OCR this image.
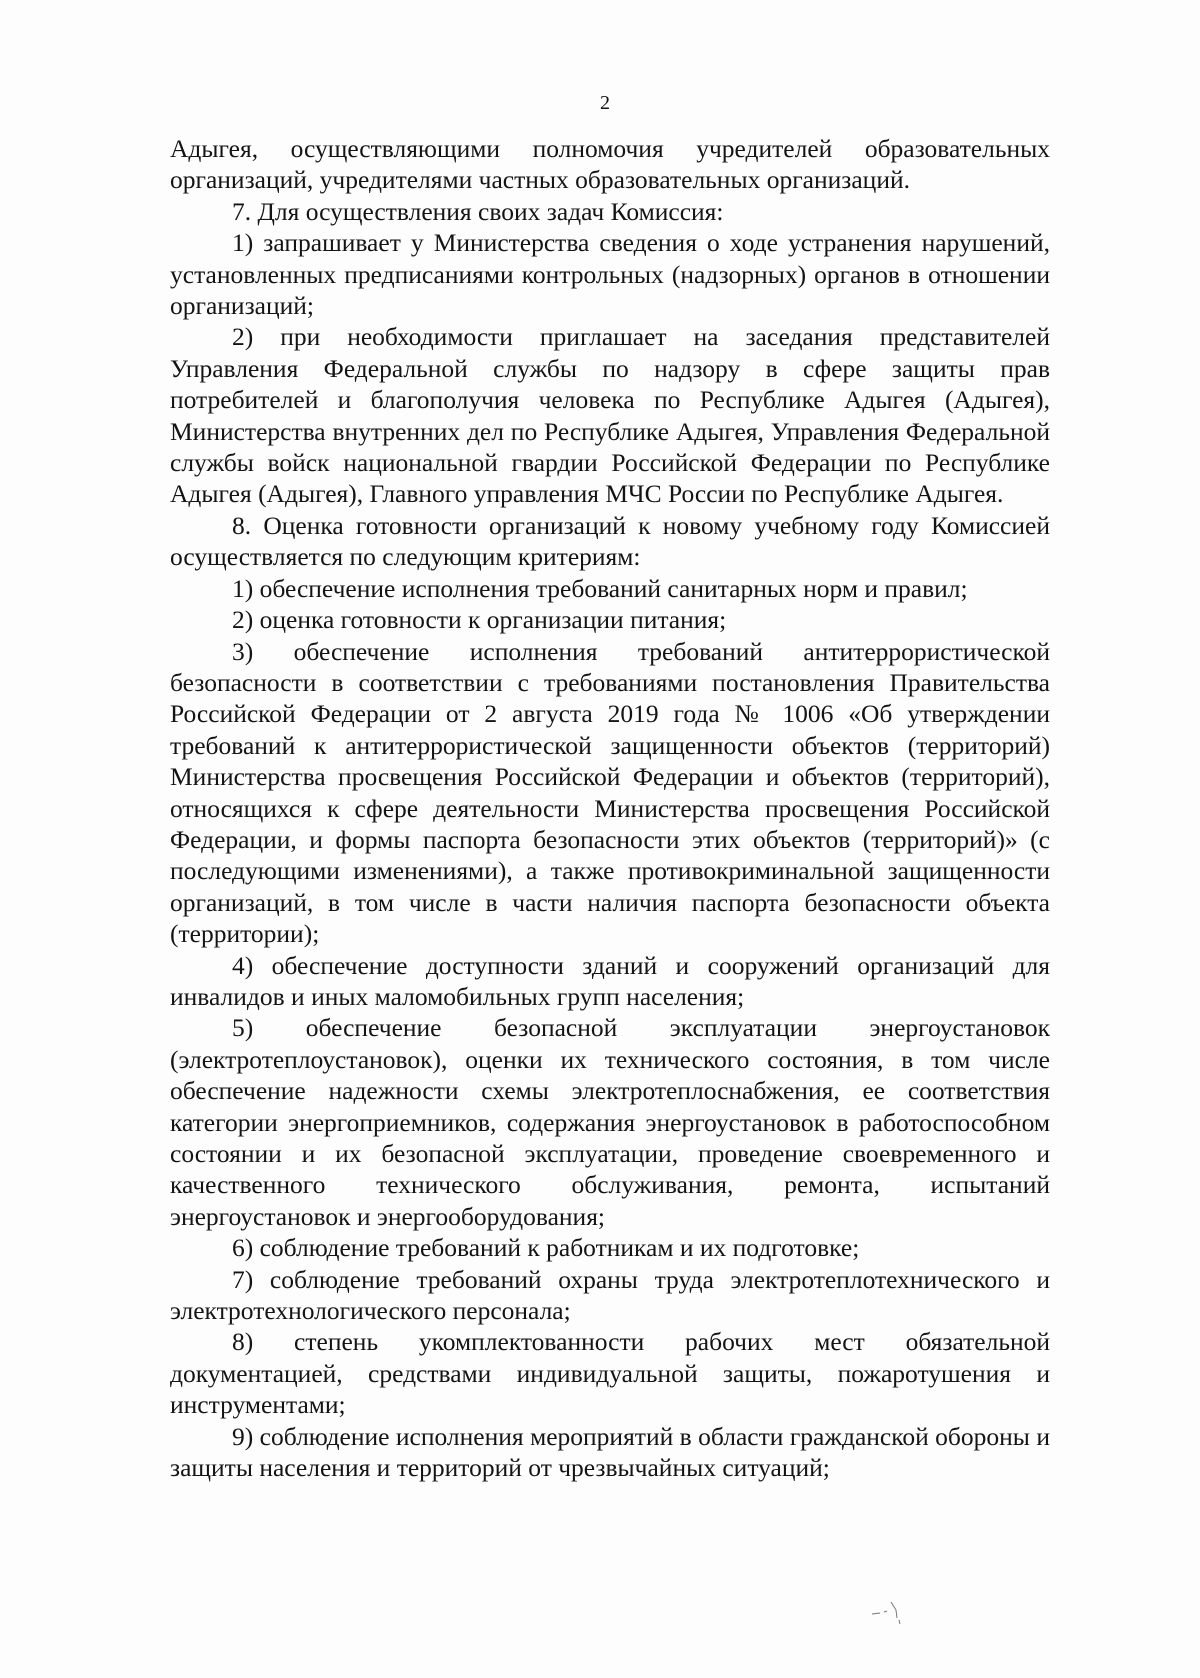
2

Адыгея, осуществляющими полномочия учредителей образовательных организаций, учредителями частных образовательных организаций.

7. Для осуществления своих задач Комиссия:

1) запрашивает у Министерства сведения о ходе устранения нарушений, установленных предписаниями контрольных (надзорных) органов в отношении организаций;

2) при необходимости приглашает на заседания представителей Управления Федеральной службы по надзору в сфере защиты прав потребителей и благополучия человека по Республике Адыгея (Адыгея), Министерства внутренних дел по Республике Адыгея, Управления Федеральной службы войск национальной гвардии Российской Федерации по Республике Адыгея (Адыгея), Главного управления МЧС России по Республике Адыгея.

8. Оценка готовности организаций к новому учебному году Комиссией осуществляется по следующим критериям:

1) обеспечение исполнения требований санитарных норм и правил;

2) оценка готовности к организации питания;

3) обеспечение исполнения требований антитеррористической безопасности в соответствии с требованиями постановления Правительства Российской Федерации от 2 августа 2019 года № 1006 «Об утверждении требований к антитеррористической защищенности объектов (территорий) Министерства просвещения Российской Федерации и объектов (территорий), относящихся к сфере деятельности Министерства просвещения Российской Федерации, и формы паспорта безопасности этих объектов (территорий)» (с последующими изменениями), а также противокриминальной защищенности организаций, в том числе в части наличия паспорта безопасности объекта (территории);

4) обеспечение доступности зданий и сооружений организаций для инвалидов и иных маломобильных групп населения;

5) обеспечение безопасной эксплуатации энергоустановок (электротеплоустановок), оценки их технического состояния, в том числе обеспечение надежности схемы электротеплоснабжения, ее соответствия категории энергоприемников, содержания энергоустановок в работоспособном состоянии и их безопасной эксплуатации, проведение своевременного и качественного технического обслуживания, ремонта, испытаний энергоустановок и энергооборудования;

6) соблюдение требований к работникам и их подготовке;

7) соблюдение требований охраны труда электротеплотехнического и электротехнологического персонала;

8) степень укомплектованности рабочих мест обязательной документацией, средствами индивидуальной защиты, пожаротушения и инструментами;

9) соблюдение исполнения мероприятий в области гражданской обороны и защиты населения и территорий от чрезвычайных ситуаций;
